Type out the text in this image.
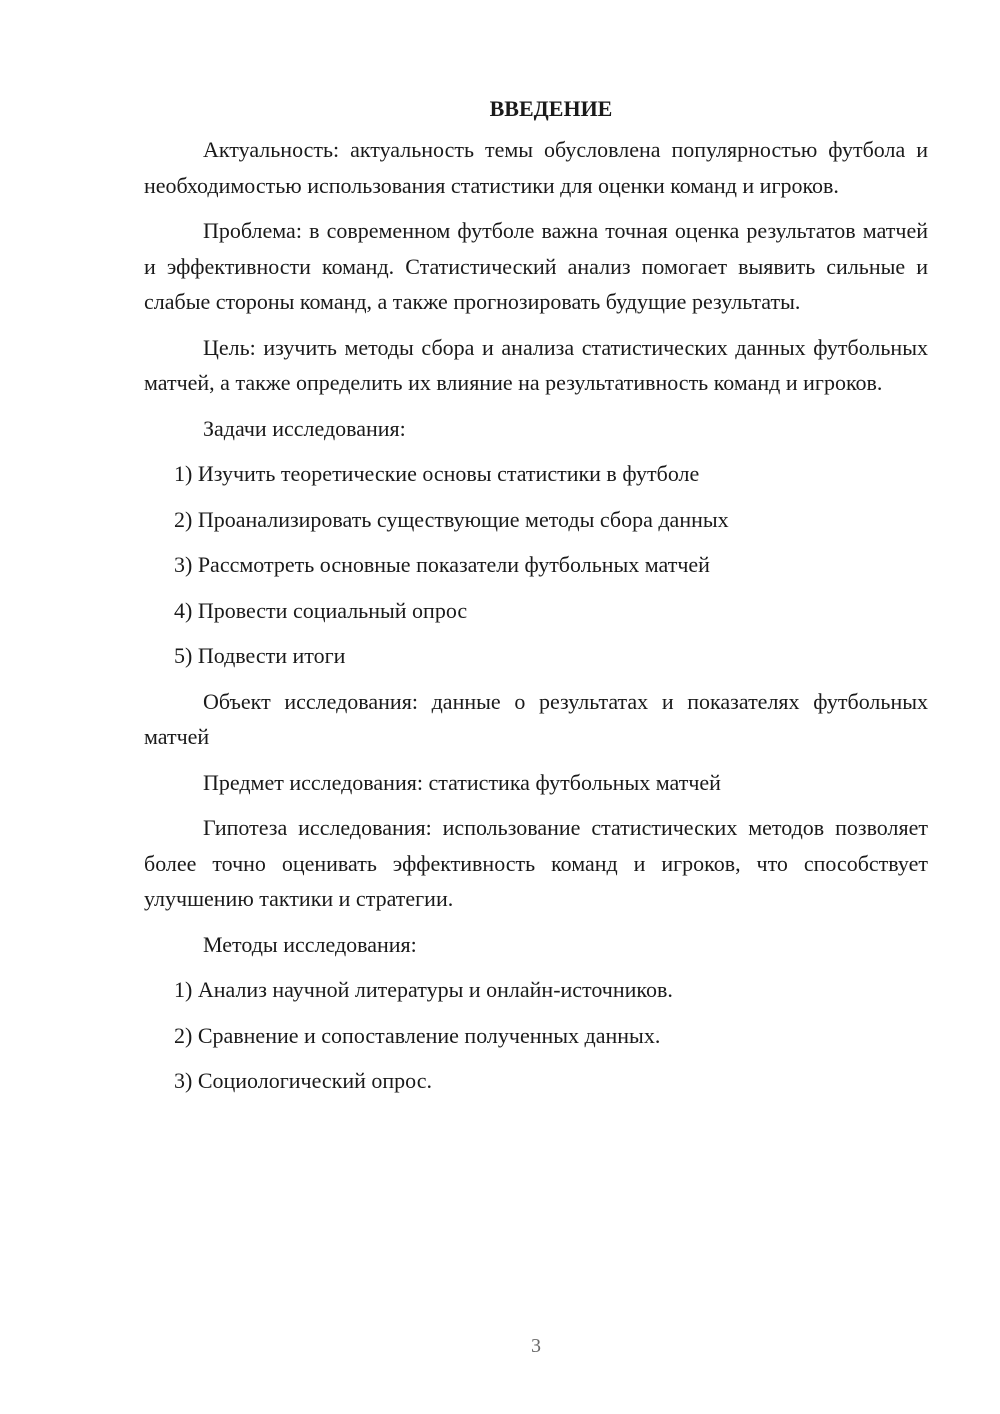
ВВЕДЕНИЕ

Актуальность: актуальность темы обусловлена популярностью футбола и необходимостью использования статистики для оценки команд и игроков.

Проблема: в современном футболе важна точная оценка результатов матчей и эффективности команд. Статистический анализ помогает выявить сильные и слабые стороны команд, а также прогнозировать будущие результаты.

Цель: изучить методы сбора и анализа статистических данных футбольных матчей, а также определить их влияние на результативность команд и игроков.

Задачи исследования:

1) Изучить теоретические основы статистики в футболе
2) Проанализировать существующие методы сбора данных
3) Рассмотреть основные показатели футбольных матчей
4) Провести социальный опрос
5) Подвести итоги

Объект исследования: данные о результатах и показателях футбольных матчей

Предмет исследования: статистика футбольных матчей

Гипотеза исследования: использование статистических методов позволяет более точно оценивать эффективность команд и игроков, что способствует улучшению тактики и стратегии.

Методы исследования:

1) Анализ научной литературы и онлайн-источников.
2) Сравнение и сопоставление полученных данных.
3) Социологический опрос.
3
